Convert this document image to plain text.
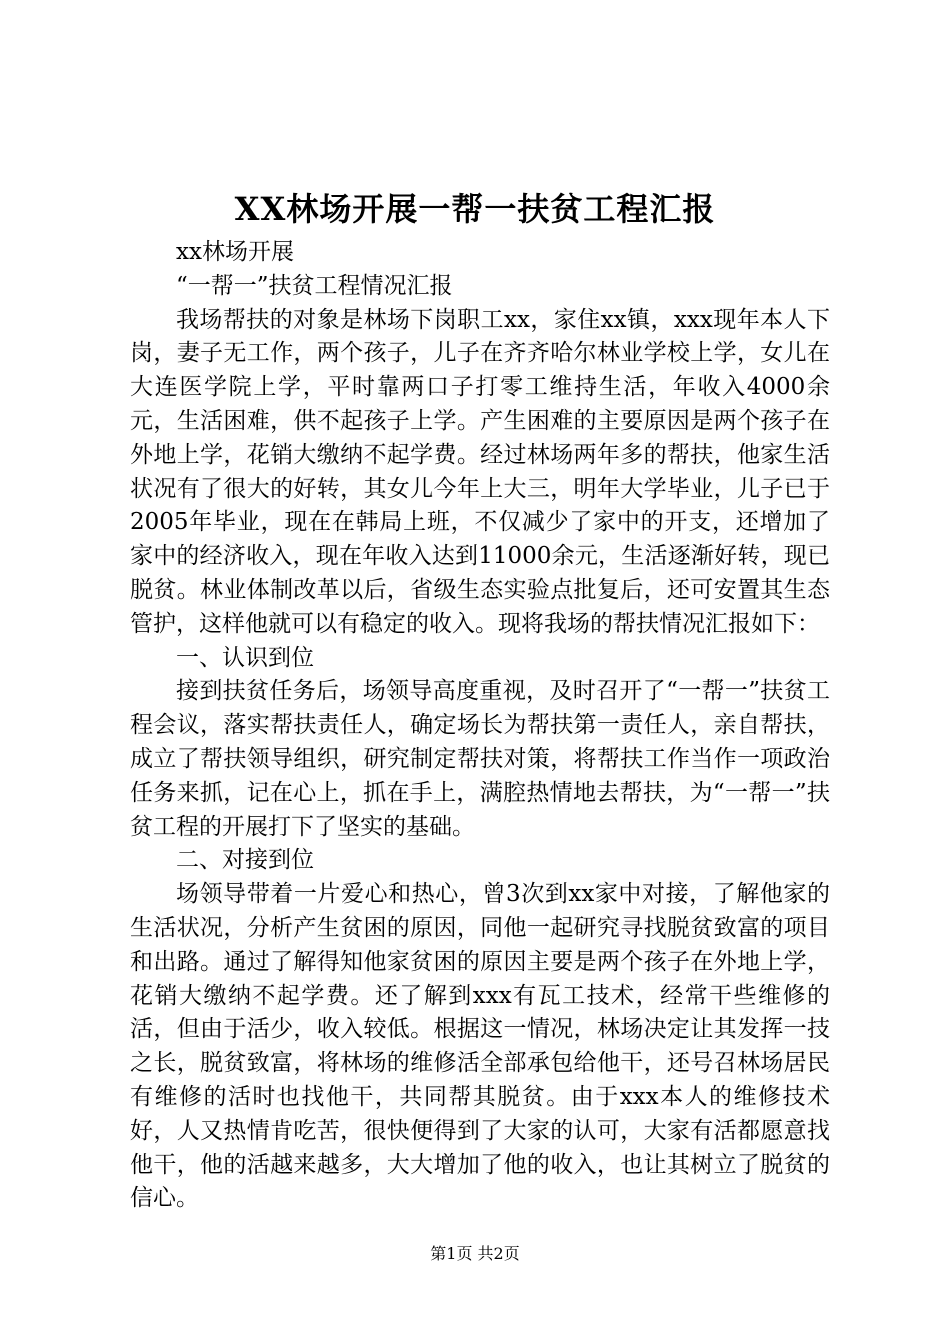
XX林场开展一帮一扶贫工程汇报

xx林场开展

“一帮一”扶贫工程情况汇报

我场帮扶的对象是林场下岗职工xx，家住xx镇，xxx现年本人下岗，妻子无工作，两个孩子，儿子在齐齐哈尔林业学校上学，女儿在大连医学院上学，平时靠两口子打零工维持生活，年收入4000余元，生活困难，供不起孩子上学。产生困难的主要原因是两个孩子在外地上学，花销大缴纳不起学费。经过林场两年多的帮扶，他家生活状况有了很大的好转，其女儿今年上大三，明年大学毕业，儿子已于2005年毕业，现在在韩局上班，不仅减少了家中的开支，还增加了家中的经济收入，现在年收入达到11000余元，生活逐渐好转，现已脱贫。林业体制改革以后，省级生态实验点批复后，还可安置其生态管护，这样他就可以有稳定的收入。现将我场的帮扶情况汇报如下：

一、认识到位

接到扶贫任务后，场领导高度重视，及时召开了“一帮一”扶贫工程会议，落实帮扶责任人，确定场长为帮扶第一责任人，亲自帮扶，成立了帮扶领导组织，研究制定帮扶对策，将帮扶工作当作一项政治任务来抓，记在心上，抓在手上，满腔热情地去帮扶，为“一帮一”扶贫工程的开展打下了坚实的基础。

二、对接到位

场领导带着一片爱心和热心，曾3次到xx家中对接，了解他家的生活状况，分析产生贫困的原因，同他一起研究寻找脱贫致富的项目和出路。通过了解得知他家贫困的原因主要是两个孩子在外地上学，花销大缴纳不起学费。还了解到xxx有瓦工技术，经常干些维修的活，但由于活少，收入较低。根据这一情况，林场决定让其发挥一技之长，脱贫致富，将林场的维修活全部承包给他干，还号召林场居民有维修的活时也找他干，共同帮其脱贫。由于xxx本人的维修技术好，人又热情肯吃苦，很快便得到了大家的认可，大家有活都愿意找他干，他的活越来越多，大大增加了他的收入，也让其树立了脱贫的信心。

第1页 共2页
